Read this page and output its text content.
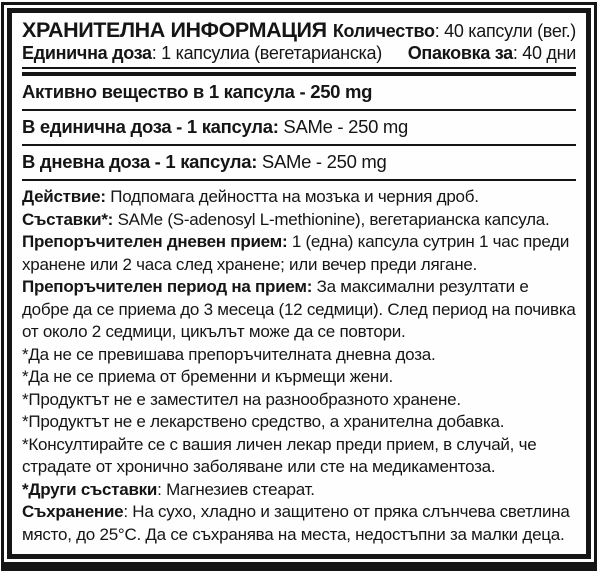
ХРАНИТЕЛНА ИНФОРМАЦИЯ Количество: 40 капсули (вег.)
Единична доза: 1 капсулиа (вегетарианска) Опаковка за: 40 дни
Активно вещество в 1 капсула - 250 mg
В единична доза - 1 капсула: SAMe - 250 mg
В дневна доза - 1 капсула: SAMe - 250 mg

Действие: Подпомага дейността на мозъка и черния дроб.

Съставки*: SAMe (S-adenosyl L-methionine), вегетарианска капсула.

Препоръчителен дневен прием: 1 (една) капсула сутрин 1 час преди хранене или 2 часа след хранене; или вечер преди лягане.

Препоръчителен период на прием: За максимални резултати е добре да се приема до 3 месеца (12 седмици). След период на почивка от около 2 седмици, цикълът може да се повтори.

*Да не се превишава препоръчителната дневна доза.

*Да не се приема от бременни и кърмещи жени.

*Продуктът не е заместител на разнообразното хранене.

*Продуктът не е лекарствено средство, а хранителна добавка.

*Консултирайте се с вашия личен лекар преди прием, в случай, че страдате от хронично заболяване или сте на медикаментоза.

*Други съставки: Магнезиев стеарат.

Съхранение: На сухо, хладно и защитено от пряка слънчева светлина място, до 25°C. Да се съхранява на места, недостъпни за малки деца.
